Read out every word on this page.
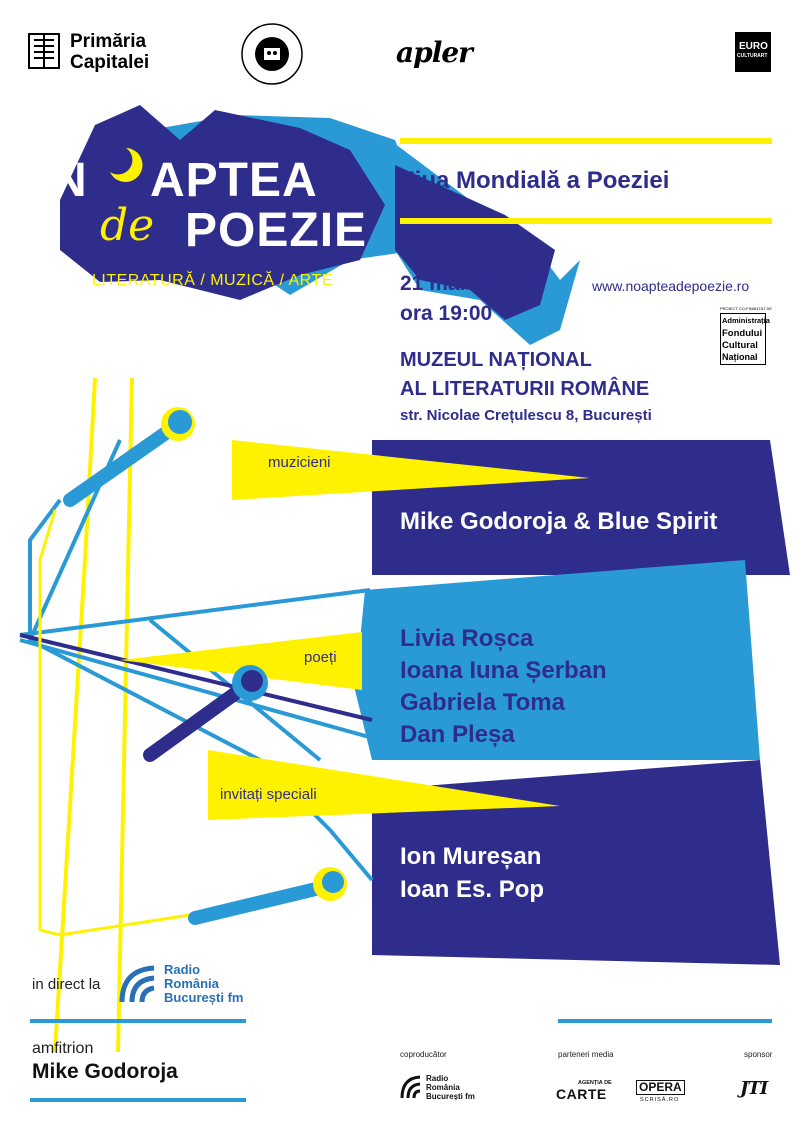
Primăria
Capitalei	apler	EURO
CULTURART
N APTEA
de POEZIE
LITERATURĂ / MUZICĂ / ARTE
Ziua Mondială a Poeziei
21 martie 2024	www.noapteadepoezie.ro
ora 19:00
MUZEUL NAȚIONAL
AL LITERATURII ROMÂNE
str. Nicolae Crețulescu 8, București
PROIECT CO-FINANȚAT DE
Administrația
Fondului
Cultural
Național
muzicieni
Mike Godoroja & Blue Spirit
poeți
Livia Roșca
Ioana Iuna Șerban
Gabriela Toma
Dan Pleșa
invitați speciali
Ion Mureșan
Ioan Es. Pop
in direct la
Radio
România
București fm
amfitrion
Mike Godoroja
coproducător
Radio
România
București fm
parteneri media
AGENȚIA DE
CARTE	OPERA
SCRISĂ.RO
sponsor
JTI
